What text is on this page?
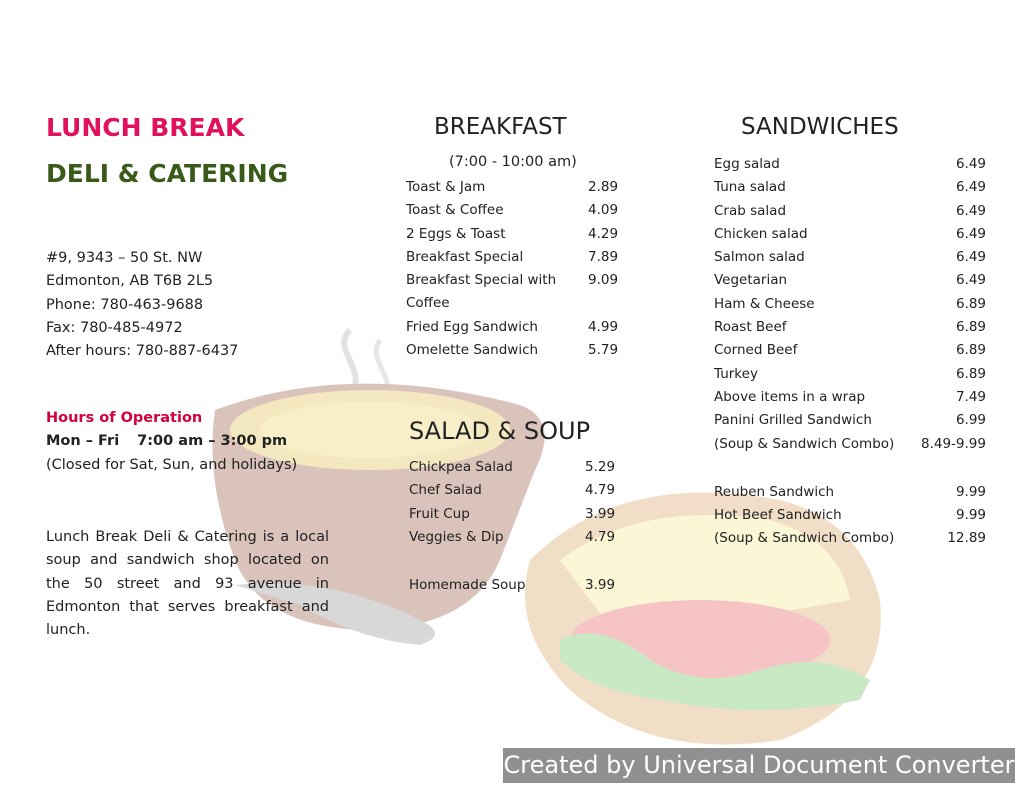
LUNCH BREAK
DELI & CATERING
#9, 9343 – 50 St. NW
Edmonton, AB T6B 2L5
Phone: 780-463-9688
Fax: 780-485-4972
After hours: 780-887-6437
Hours of Operation
Mon – Fri 7:00 am – 3:00 pm
(Closed for Sat, Sun, and holidays)
Lunch Break Deli & Catering is a local soup and sandwich shop located on the 50 street and 93 avenue in Edmonton that serves breakfast and lunch.
BREAKFAST
(7:00 - 10:00 am)
Toast & Jam	2.89
Toast & Coffee	4.09
2 Eggs & Toast	4.29
Breakfast Special	7.89
Breakfast Special with Coffee
9.09
Fried Egg Sandwich	4.99
Omelette Sandwich	5.79
SALAD & SOUP
Chickpea Salad	5.29
Chef Salad	4.79
Fruit Cup	3.99
Veggies & Dip	4.79
Homemade Soup	3.99
SANDWICHES
Egg salad	6.49
Tuna salad	6.49
Crab salad	6.49
Chicken salad	6.49
Salmon salad	6.49
Vegetarian	6.49
Ham & Cheese	6.89
Roast Beef	6.89
Corned Beef	6.89
Turkey	6.89
Above items in a wrap	7.49
Panini Grilled Sandwich	6.99
(Soup & Sandwich Combo) 8.49-9.99
Reuben Sandwich	9.99
Hot Beef Sandwich	9.99
(Soup & Sandwich Combo)	12.89
Created by Universal Document Converter
